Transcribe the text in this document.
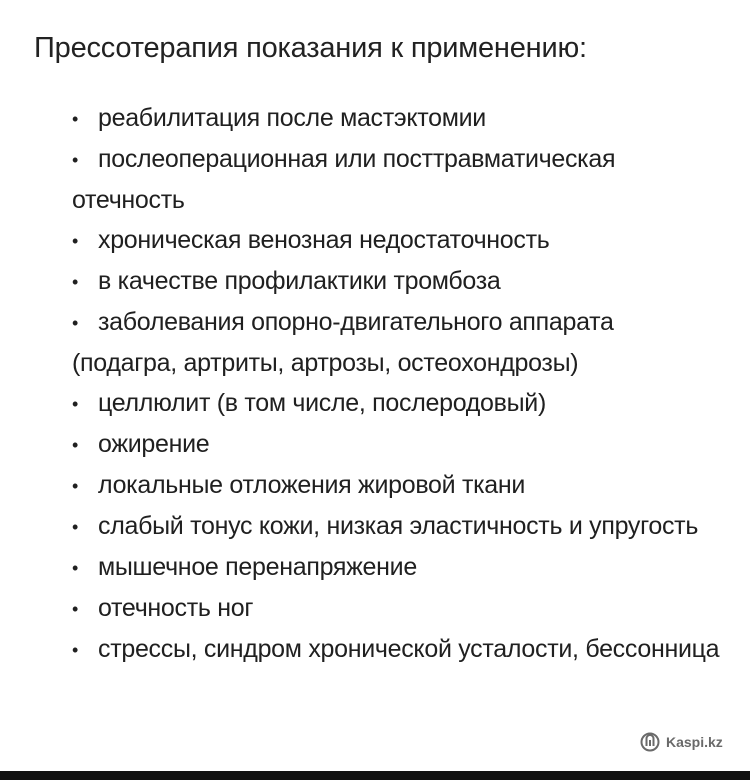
Прессотерапия показания к применению:
• реабилитация после мастэктомии
• послеоперационная или посттравматическая отечность
• хроническая венозная недостаточность
• в качестве профилактики тромбоза
• заболевания опорно-двигательного аппарата (подагра, артриты, артрозы, остеохондрозы)
• целлюлит (в том числе, послеродовый)
• ожирение
• локальные отложения жировой ткани
• слабый тонус кожи, низкая эластичность и упругость
• мышечное перенапряжение
• отечность ног
• стрессы, синдром хронической усталости, бессонница
Kaspi.kz
